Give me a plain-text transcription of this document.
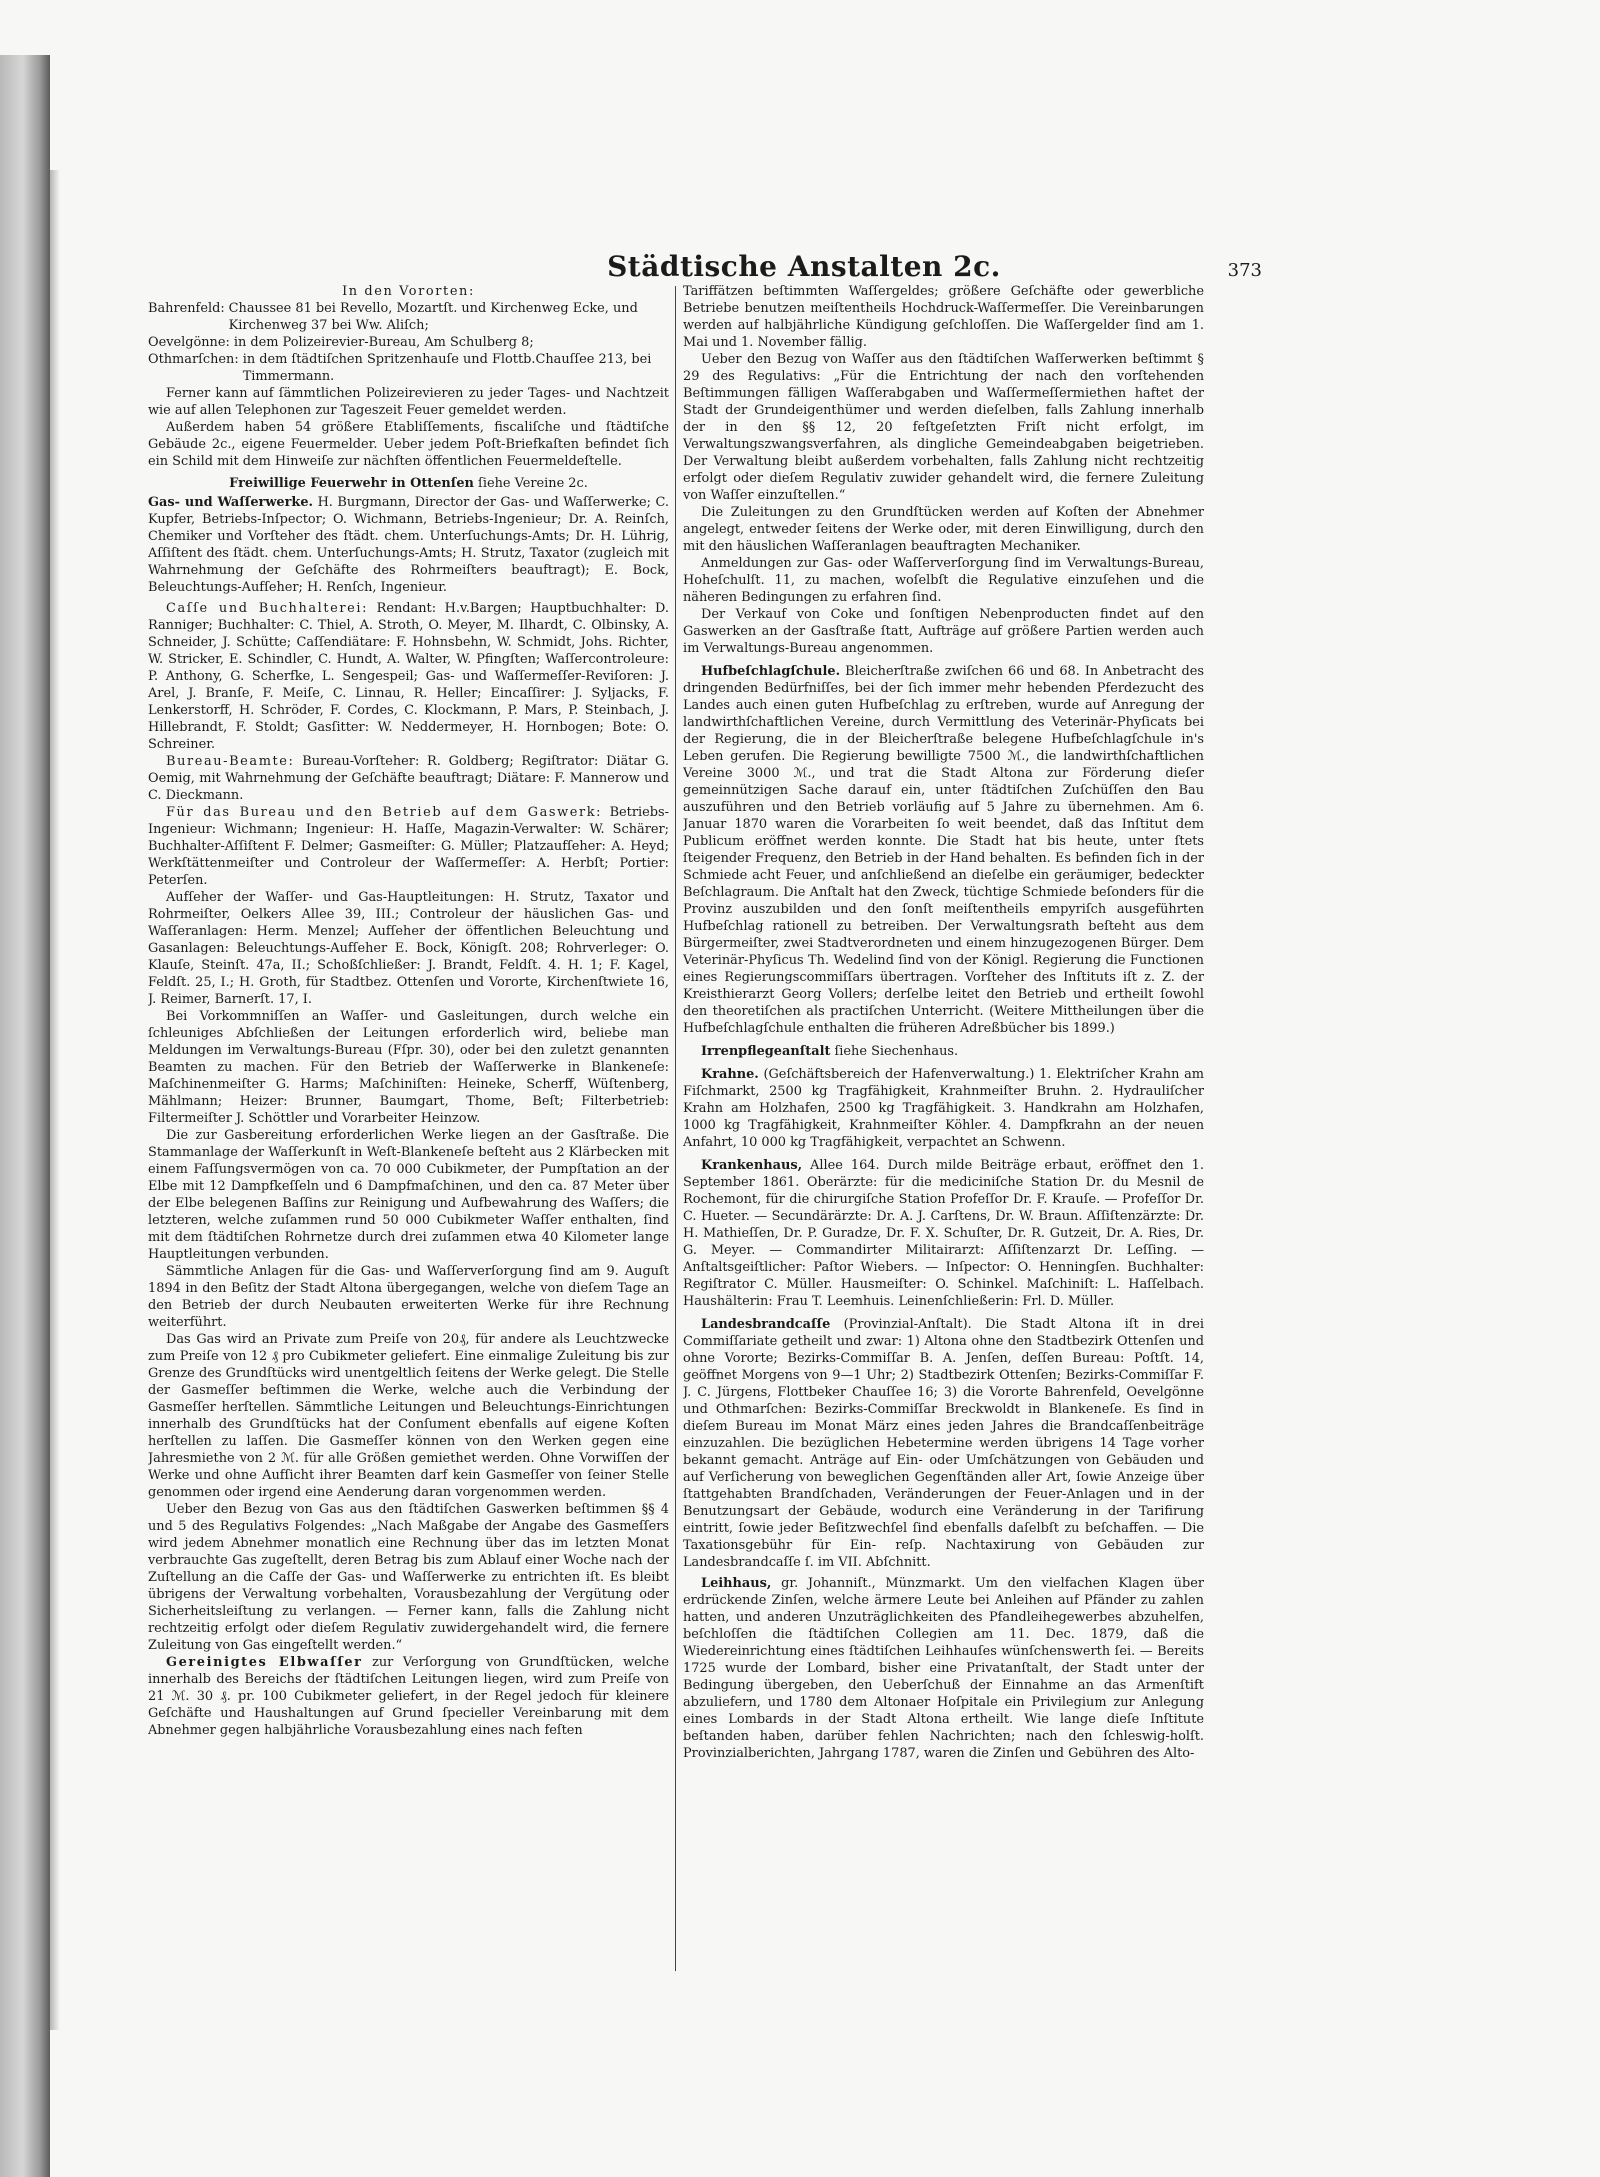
Städtische Anstalten 2c.	373

In den Vororten:

Bahrenfeld: Chaussee 81 bei Revello, Mozartſt. und Kirchenweg Ecke, und Kirchenweg 37 bei Ww. Aliſch;
Oevelgönne: in dem Polizeirevier-Bureau, Am Schulberg 8;
Othmarſchen: in dem ſtädtiſchen Spritzenhauſe und Flottb.Chauſſee 213, bei Timmermann.

Ferner kann auf ſämmtlichen Polizeirevieren zu jeder Tages- und Nachtzeit wie auf allen Telephonen zur Tageszeit Feuer gemeldet werden.

Außerdem haben 54 größere Etabliſſements, fiscaliſche und ſtädtiſche Gebäude 2c., eigene Feuermelder. Ueber jedem Poſt-Briefkaſten befindet ſich ein Schild mit dem Hinweiſe zur nächſten öffentlichen Feuermeldeſtelle.

Freiwillige Feuerwehr in Ottenſen ſiehe Vereine 2c.

Gas- und Waſſerwerke. H. Burgmann, Director der Gas- und Waſſerwerke; C. Kupfer, Betriebs-Inſpector; O. Wichmann, Betriebs-Ingenieur; Dr. A. Reinſch, Chemiker und Vorſteher des ſtädt. chem. Unterſuchungs-Amts; Dr. H. Lührig, Aſſiſtent des ſtädt. chem. Unterſuchungs-Amts; H. Strutz, Taxator (zugleich mit Wahrnehmung der Geſchäfte des Rohrmeiſters beauftragt); E. Bock, Beleuchtungs-Aufſeher; H. Renſch, Ingenieur.

Caſſe und Buchhalterei: Rendant: H.v.Bargen; Hauptbuchhalter: D. Ranniger; Buchhalter: C. Thiel, A. Stroth, O. Meyer, M. Ilhardt, C. Olbinsky, A. Schneider, J. Schütte; Caſſendiätare: F. Hohnsbehn, W. Schmidt, Johs. Richter, W. Stricker, E. Schindler, C. Hundt, A. Walter, W. Pfingſten; Waſſercontroleure: P. Anthony, G. Scherfke, L. Sengespeil; Gas- und Waſſermeſſer-Reviſoren: J. Arel, J. Branſe, F. Meiſe, C. Linnau, R. Heller; Eincaſſirer: J. Syljacks, F. Lenkerstorff, H. Schröder, F. Cordes, C. Klockmann, P. Mars, P. Steinbach, J. Hillebrandt, F. Stoldt; Gasſitter: W. Neddermeyer, H. Hornbogen; Bote: O. Schreiner.

Bureau-Beamte: Bureau-Vorſteher: R. Goldberg; Regiſtrator: Diätar G. Oemig, mit Wahrnehmung der Geſchäfte beauftragt; Diätare: F. Mannerow und C. Dieckmann.

Für das Bureau und den Betrieb auf dem Gaswerk: Betriebs-Ingenieur: Wichmann; Ingenieur: H. Haſſe, Magazin-Verwalter: W. Schärer; Buchhalter-Aſſiſtent F. Delmer; Gasmeiſter: G. Müller; Platzaufſeher: A. Heyd; Werkſtättenmeiſter und Controleur der Waſſermeſſer: A. Herbſt; Portier: Peterſen.

Aufſeher der Waſſer- und Gas-Hauptleitungen: H. Strutz, Taxator und Rohrmeiſter, Oelkers Allee 39, III.; Controleur der häuslichen Gas- und Waſſeranlagen: Herm. Menzel; Aufſeher der öffentlichen Beleuchtung und Gasanlagen: Beleuchtungs-Aufſeher E. Bock, Königſt. 208; Rohrverleger: O. Klauſe, Steinſt. 47a, II.; Schoßſchließer: J. Brandt, Feldſt. 4. H. 1; F. Kagel, Feldſt. 25, I.; H. Groth, für Stadtbez. Ottenſen und Vororte, Kirchenſtwiete 16, J. Reimer, Barnerſt. 17, I.

Bei Vorkommniſſen an Waſſer- und Gasleitungen, durch welche ein ſchleuniges Abſchließen der Leitungen erforderlich wird, beliebe man Meldungen im Verwaltungs-Bureau (Fſpr. 30), oder bei den zuletzt genannten Beamten zu machen. Für den Betrieb der Waſſerwerke in Blankeneſe: Maſchinenmeiſter G. Harms; Maſchiniſten: Heineke, Scherff, Wüſtenberg, Mählmann; Heizer: Brunner, Baumgart, Thome, Beſt; Filterbetrieb: Filtermeiſter J. Schöttler und Vorarbeiter Heinzow.

Die zur Gasbereitung erforderlichen Werke liegen an der Gasſtraße. Die Stammanlage der Waſſerkunſt in Weſt-Blankeneſe beſteht aus 2 Klärbecken mit einem Faſſungsvermögen von ca. 70 000 Cubikmeter, der Pumpſtation an der Elbe mit 12 Dampfkeſſeln und 6 Dampfmaſchinen, und den ca. 87 Meter über der Elbe belegenen Baſſins zur Reinigung und Aufbewahrung des Waſſers; die letzteren, welche zuſammen rund 50 000 Cubikmeter Waſſer enthalten, ſind mit dem ſtädtiſchen Rohrnetze durch drei zuſammen etwa 40 Kilometer lange Hauptleitungen verbunden.

Sämmtliche Anlagen für die Gas- und Waſſerverſorgung ſind am 9. Auguſt 1894 in den Beſitz der Stadt Altona übergegangen, welche von dieſem Tage an den Betrieb der durch Neubauten erweiterten Werke für ihre Rechnung weiterführt.

Das Gas wird an Private zum Preiſe von 20₰, für andere als Leuchtzwecke zum Preiſe von 12 ₰ pro Cubikmeter geliefert. Eine einmalige Zuleitung bis zur Grenze des Grundſtücks wird unentgeltlich ſeitens der Werke gelegt. Die Stelle der Gasmeſſer beſtimmen die Werke, welche auch die Verbindung der Gasmeſſer herſtellen. Sämmtliche Leitungen und Beleuchtungs-Einrichtungen innerhalb des Grundſtücks hat der Conſument ebenfalls auf eigene Koſten herſtellen zu laſſen. Die Gasmeſſer können von den Werken gegen eine Jahresmiethe von 2 ℳ. für alle Größen gemiethet werden. Ohne Vorwiſſen der Werke und ohne Aufſicht ihrer Beamten darf kein Gasmeſſer von ſeiner Stelle genommen oder irgend eine Aenderung daran vorgenommen werden.

Ueber den Bezug von Gas aus den ſtädtiſchen Gaswerken beſtimmen §§ 4 und 5 des Regulativs Folgendes: „Nach Maßgabe der Angabe des Gasmeſſers wird jedem Abnehmer monatlich eine Rechnung über das im letzten Monat verbrauchte Gas zugeſtellt, deren Betrag bis zum Ablauf einer Woche nach der Zuſtellung an die Caſſe der Gas- und Waſſerwerke zu entrichten iſt. Es bleibt übrigens der Verwaltung vorbehalten, Vorausbezahlung der Vergütung oder Sicherheitsleiſtung zu verlangen. — Ferner kann, falls die Zahlung nicht rechtzeitig erfolgt oder dieſem Regulativ zuwidergehandelt wird, die fernere Zuleitung von Gas eingeſtellt werden.“

Gereinigtes Elbwaſſer zur Verſorgung von Grundſtücken, welche innerhalb des Bereichs der ſtädtiſchen Leitungen liegen, wird zum Preiſe von 21 ℳ. 30 ₰. pr. 100 Cubikmeter geliefert, in der Regel jedoch für kleinere Geſchäfte und Haushaltungen auf Grund ſpecieller Vereinbarung mit dem Abnehmer gegen halbjährliche Vorausbezahlung eines nach feſten

Tariffätzen beſtimmten Waſſergeldes; größere Geſchäfte oder gewerbliche Betriebe benutzen meiſtentheils Hochdruck-Waſſermeſſer. Die Vereinbarungen werden auf halbjährliche Kündigung geſchloſſen. Die Waſſergelder ſind am 1. Mai und 1. November fällig.

Ueber den Bezug von Waſſer aus den ſtädtiſchen Waſſerwerken beſtimmt § 29 des Regulativs: „Für die Entrichtung der nach den vorſtehenden Beſtimmungen fälligen Waſſerabgaben und Waſſermeſſermiethen haftet der Stadt der Grundeigenthümer und werden dieſelben, falls Zahlung innerhalb der in den §§ 12, 20 feſtgeſetzten Friſt nicht erfolgt, im Verwaltungszwangsverfahren, als dingliche Gemeindeabgaben beigetrieben. Der Verwaltung bleibt außerdem vorbehalten, falls Zahlung nicht rechtzeitig erfolgt oder dieſem Regulativ zuwider gehandelt wird, die fernere Zuleitung von Waſſer einzuſtellen.“

Die Zuleitungen zu den Grundſtücken werden auf Koſten der Abnehmer angelegt, entweder ſeitens der Werke oder, mit deren Einwilligung, durch den mit den häuslichen Waſſeranlagen beauftragten Mechaniker.

Anmeldungen zur Gas- oder Waſſerverſorgung ſind im Verwaltungs-Bureau, Hoheſchulſt. 11, zu machen, woſelbſt die Regulative einzuſehen und die näheren Bedingungen zu erfahren ſind.

Der Verkauf von Coke und ſonſtigen Nebenproducten findet auf den Gaswerken an der Gasſtraße ſtatt, Aufträge auf größere Partien werden auch im Verwaltungs-Bureau angenommen.

Hufbeſchlagſchule. Bleicherſtraße zwiſchen 66 und 68. In Anbetracht des dringenden Bedürfniſſes, bei der ſich immer mehr hebenden Pferdezucht des Landes auch einen guten Hufbeſchlag zu erſtreben, wurde auf Anregung der landwirthſchaftlichen Vereine, durch Vermittlung des Veterinär-Phyſicats bei der Regierung, die in der Bleicherſtraße belegene Hufbeſchlagſchule in's Leben gerufen. Die Regierung bewilligte 7500 ℳ., die landwirthſchaftlichen Vereine 3000 ℳ., und trat die Stadt Altona zur Förderung dieſer gemeinnützigen Sache darauf ein, unter ſtädtiſchen Zuſchüſſen den Bau auszuführen und den Betrieb vorläufig auf 5 Jahre zu übernehmen. Am 6. Januar 1870 waren die Vorarbeiten ſo weit beendet, daß das Inſtitut dem Publicum eröffnet werden konnte. Die Stadt hat bis heute, unter ſtets ſteigender Frequenz, den Betrieb in der Hand behalten. Es befinden ſich in der Schmiede acht Feuer, und anſchließend an dieſelbe ein geräumiger, bedeckter Beſchlagraum. Die Anſtalt hat den Zweck, tüchtige Schmiede beſonders für die Provinz auszubilden und den ſonſt meiſtentheils empyriſch ausgeführten Hufbeſchlag rationell zu betreiben. Der Verwaltungsrath beſteht aus dem Bürgermeiſter, zwei Stadtverordneten und einem hinzugezogenen Bürger. Dem Veterinär-Phyſicus Th. Wedelind ſind von der Königl. Regierung die Functionen eines Regierungscommiſſars übertragen. Vorſteher des Inſtituts iſt z. Z. der Kreisthierarzt Georg Vollers; derſelbe leitet den Betrieb und ertheilt ſowohl den theoretiſchen als practiſchen Unterricht. (Weitere Mittheilungen über die Hufbeſchlagſchule enthalten die früheren Adreßbücher bis 1899.)

Irrenpflegeanſtalt ſiehe Siechenhaus.

Krahne. (Geſchäftsbereich der Hafenverwaltung.) 1. Elektriſcher Krahn am Fiſchmarkt, 2500 kg Tragfähigkeit, Krahnmeiſter Bruhn. 2. Hydrauliſcher Krahn am Holzhafen, 2500 kg Tragfähigkeit. 3. Handkrahn am Holzhafen, 1000 kg Tragfähigkeit, Krahnmeiſter Köhler. 4. Dampfkrahn an der neuen Anfahrt, 10 000 kg Tragfähigkeit, verpachtet an Schwenn.

Krankenhaus, Allee 164. Durch milde Beiträge erbaut, eröffnet den 1. September 1861. Oberärzte: für die mediciniſche Station Dr. du Mesnil de Rochemont, für die chirurgiſche Station Profeſſor Dr. F. Krauſe. — Profeſſor Dr. C. Hueter. — Secundärärzte: Dr. A. J. Carſtens, Dr. W. Braun. Aſſiſtenzärzte: Dr. H. Mathieſſen, Dr. P. Guradze, Dr. F. X. Schuſter, Dr. R. Gutzeit, Dr. A. Ries, Dr. G. Meyer. — Commandirter Militairarzt: Aſſiſtenzarzt Dr. Leſſing. — Anſtaltsgeiſtlicher: Paſtor Wiebers. — Inſpector: O. Henningſen. Buchhalter: Regiſtrator C. Müller. Hausmeiſter: O. Schinkel. Maſchiniſt: L. Haſſelbach. Haushälterin: Frau T. Leemhuis. Leinenſchließerin: Frl. D. Müller.

Landesbrandcaſſe (Provinzial-Anſtalt). Die Stadt Altona iſt in drei Commiſſariate getheilt und zwar: 1) Altona ohne den Stadtbezirk Ottenſen und ohne Vororte; Bezirks-Commiſſar B. A. Jenſen, deſſen Bureau: Poſtſt. 14, geöffnet Morgens von 9—1 Uhr; 2) Stadtbezirk Ottenſen; Bezirks-Commiſſar F. J. C. Jürgens, Flottbeker Chauſſee 16; 3) die Vororte Bahrenfeld, Oevelgönne und Othmarſchen: Bezirks-Commiſſar Breckwoldt in Blankeneſe. Es ſind in dieſem Bureau im Monat März eines jeden Jahres die Brandcaſſenbeiträge einzuzahlen. Die bezüglichen Hebetermine werden übrigens 14 Tage vorher bekannt gemacht. Anträge auf Ein- oder Umſchätzungen von Gebäuden und auf Verſicherung von beweglichen Gegenſtänden aller Art, ſowie Anzeige über ſtattgehabten Brandſchaden, Veränderungen der Feuer-Anlagen und in der Benutzungsart der Gebäude, wodurch eine Veränderung in der Tarifirung eintritt, ſowie jeder Beſitzwechſel ſind ebenfalls daſelbſt zu beſchaffen. — Die Taxationsgebühr für Ein- reſp. Nachtaxirung von Gebäuden zur Landesbrandcaſſe ſ. im VII. Abſchnitt.

Leihhaus, gr. Johanniſt., Münzmarkt. Um den vielfachen Klagen über erdrückende Zinſen, welche ärmere Leute bei Anleihen auf Pfänder zu zahlen hatten, und anderen Unzuträglichkeiten des Pfandleihegewerbes abzuhelfen, beſchloſſen die ſtädtiſchen Collegien am 11. Dec. 1879, daß die Wiedereinrichtung eines ſtädtiſchen Leihhauſes wünſchenswerth ſei. — Bereits 1725 wurde der Lombard, bisher eine Privatanſtalt, der Stadt unter der Bedingung übergeben, den Ueberſchuß der Einnahme an das Armenſtift abzuliefern, und 1780 dem Altonaer Hoſpitale ein Privilegium zur Anlegung eines Lombards in der Stadt Altona ertheilt. Wie lange dieſe Inſtitute beſtanden haben, darüber fehlen Nachrichten; nach den ſchleswig-holſt. Provinzialberichten, Jahrgang 1787, waren die Zinſen und Gebühren des Alto-
